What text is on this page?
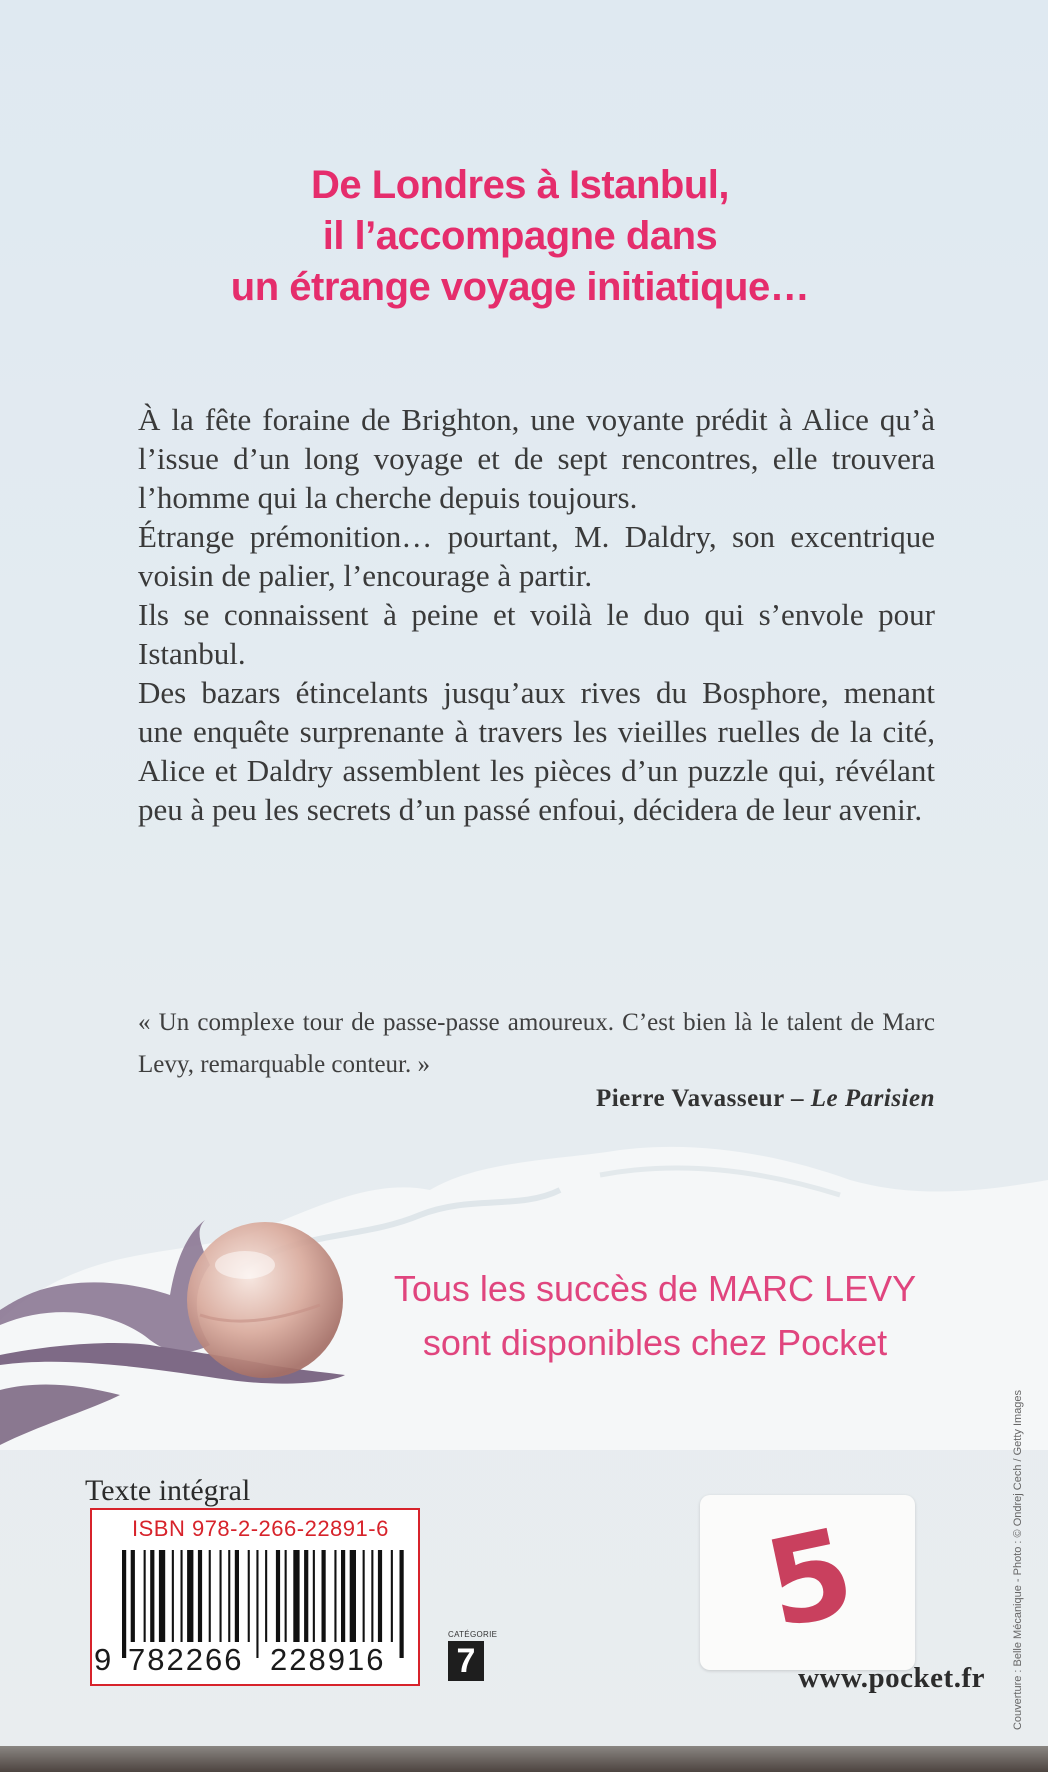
De Londres à Istanbul,
il l’accompagne dans
un étrange voyage initiatique…

À la fête foraine de Brighton, une voyante prédit à Alice qu’à l’issue d’un long voyage et de sept rencontres, elle trouvera l’homme qui la cherche depuis toujours.

Étrange prémonition… pourtant, M. Daldry, son excentrique voisin de palier, l’encourage à partir.

Ils se connaissent à peine et voilà le duo qui s’envole pour Istanbul.

Des bazars étincelants jusqu’aux rives du Bosphore, menant une enquête surprenante à travers les vieilles ruelles de la cité, Alice et Daldry assemblent les pièces d’un puzzle qui, révélant peu à peu les secrets d’un passé enfoui, décidera de leur avenir.

« Un complexe tour de passe-passe amoureux. C’est bien là le talent de Marc Levy, remarquable conteur. »
Pierre Vavasseur – Le Parisien
Tous les succès de MARC LEVY
sont disponibles chez Pocket
Couverture : Belle Mécanique - Photo : © Ondrej Cech / Getty Images
Texte intégral
ISBN 978-2-266-22891-6
9 782266 228916
CATÉGORIE
7
5
www.pocket.fr
